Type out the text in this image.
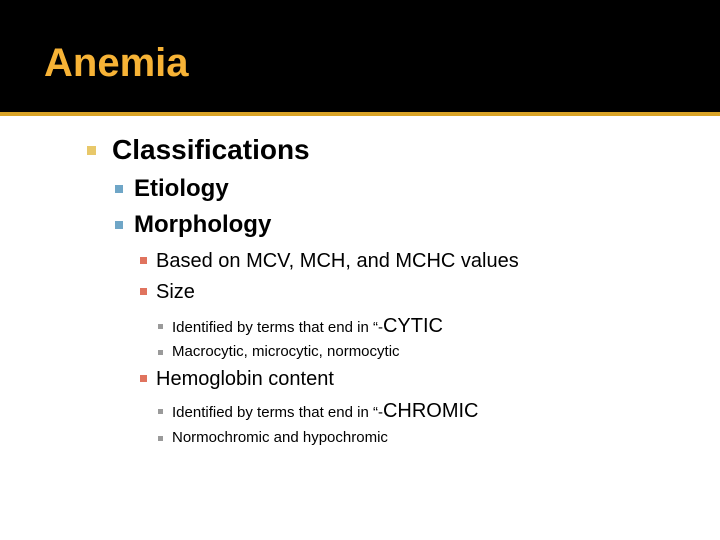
Anemia
Classifications
Etiology
Morphology
Based on MCV, MCH, and MCHC values
Size
Identified by terms that end in “-CYTIC
Macrocytic, microcytic, normocytic
Hemoglobin content
Identified by terms that end in “-CHROMIC
Normochromic and hypochromic
